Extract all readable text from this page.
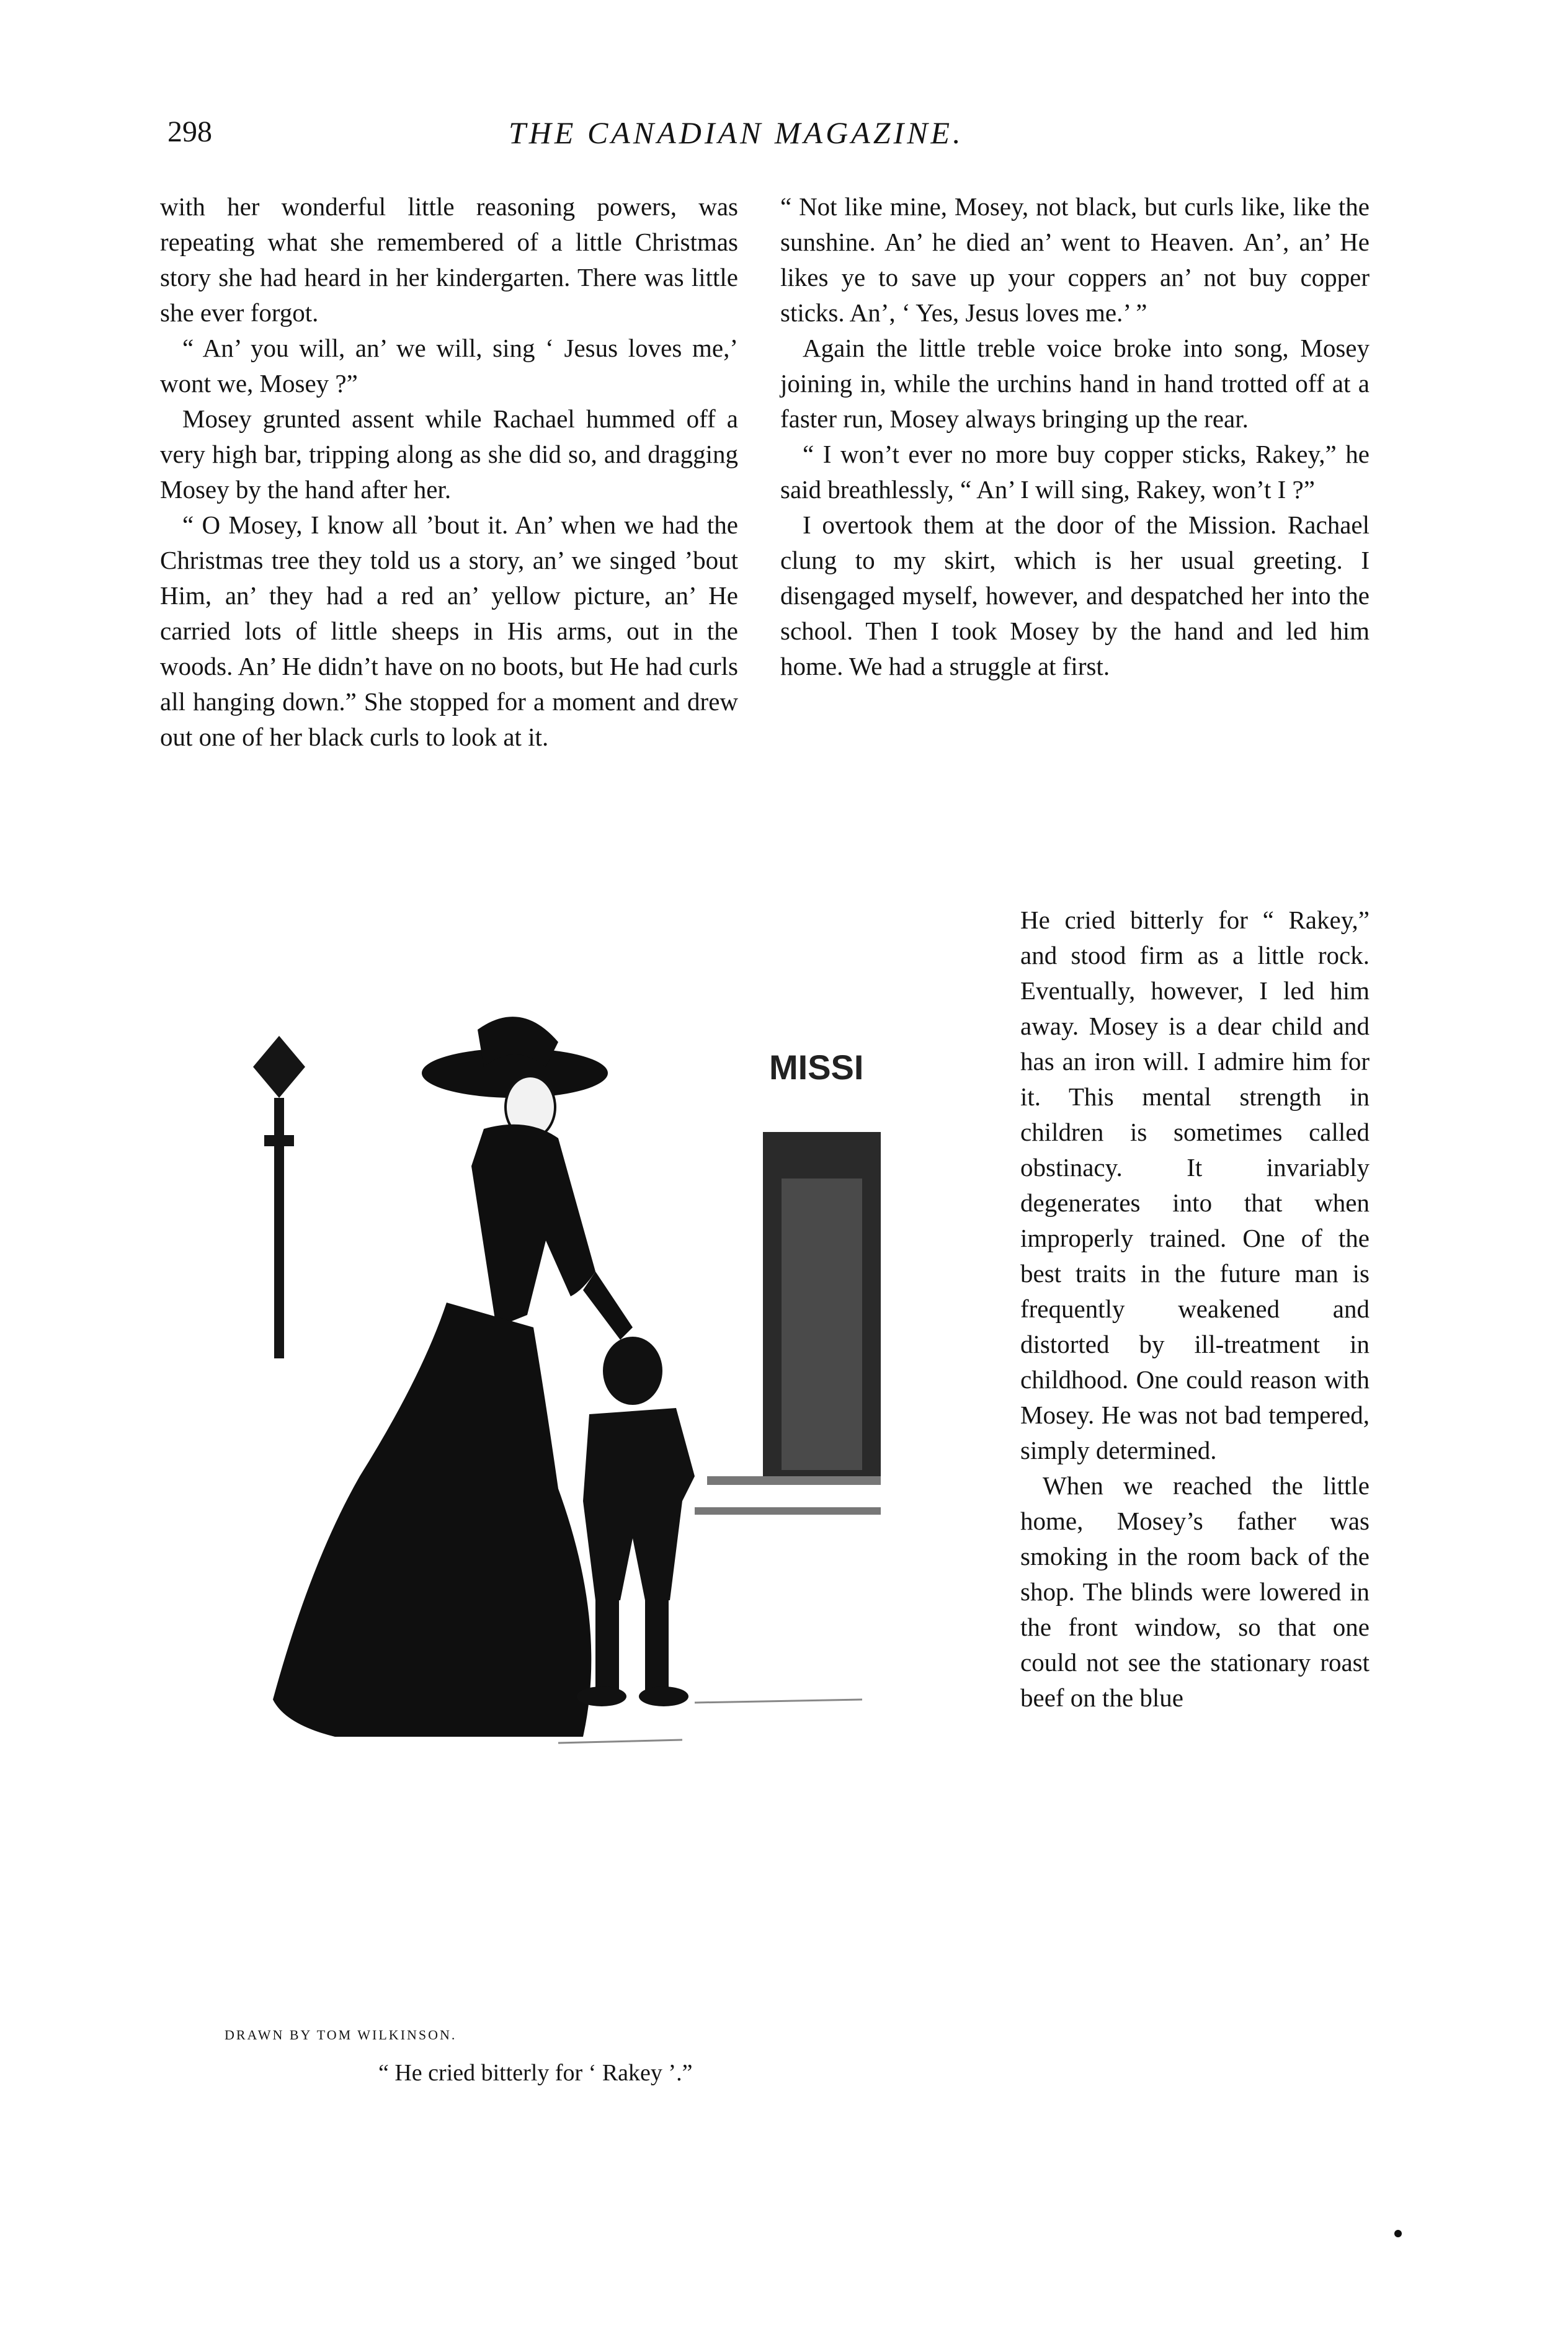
298	THE CANADIAN MAGAZINE.

with her wonderful little reasoning powers, was repeating what she remembered of a little Christmas story she had heard in her kindergarten. There was little she ever forgot.

“ An’ you will, an’ we will, sing ‘ Jesus loves me,’ wont we, Mosey ?”

Mosey grunted assent while Rachael hummed off a very high bar, tripping along as she did so, and dragging Mosey by the hand after her.

“ O Mosey, I know all ’bout it. An’ when we had the Christmas tree they told us a story, an’ we singed ’bout Him, an’ they had a red an’ yellow picture, an’ He carried lots of little sheeps in His arms, out in the woods. An’ He didn’t have on no boots, but He had curls all hanging down.” She stopped for a moment and drew out one of her black curls to look at it.

“ Not like mine, Mosey, not black, but curls like, like the sunshine. An’ he died an’ went to Heaven. An’, an’ He likes ye to save up your coppers an’ not buy copper sticks. An’, ‘ Yes, Jesus loves me.’ ”

Again the little treble voice broke into song, Mosey joining in, while the urchins hand in hand trotted off at a faster run, Mosey always bringing up the rear.

“ I won’t ever no more buy copper sticks, Rakey,” he said breathlessly, “ An’ I will sing, Rakey, won’t I ?”

I overtook them at the door of the Mission. Rachael clung to my skirt, which is her usual greeting. I disengaged myself, however, and despatched her into the school. Then I took Mosey by the hand and led him home. We had a struggle at first.

He cried bitterly for “ Rakey,” and stood firm as a little rock. Eventually, however, I led him away. Mosey is a dear child and has an iron will. I admire him for it. This mental strength in children is sometimes called obstinacy. It invariably degenerates into that when improperly trained. One of the best traits in the future man is frequently weakened and distorted by ill-treatment in childhood. One could reason with Mosey. He was not bad tempered, simply determined.

When we reached the little home, Mosey’s father was smoking in the room back of the shop. The blinds were lowered in the front window, so that one could not see the stationary roast beef on the blue

MISSI
DRAWN BY TOM WILKINSON.
“ He cried bitterly for ‘ Rakey ’.”
